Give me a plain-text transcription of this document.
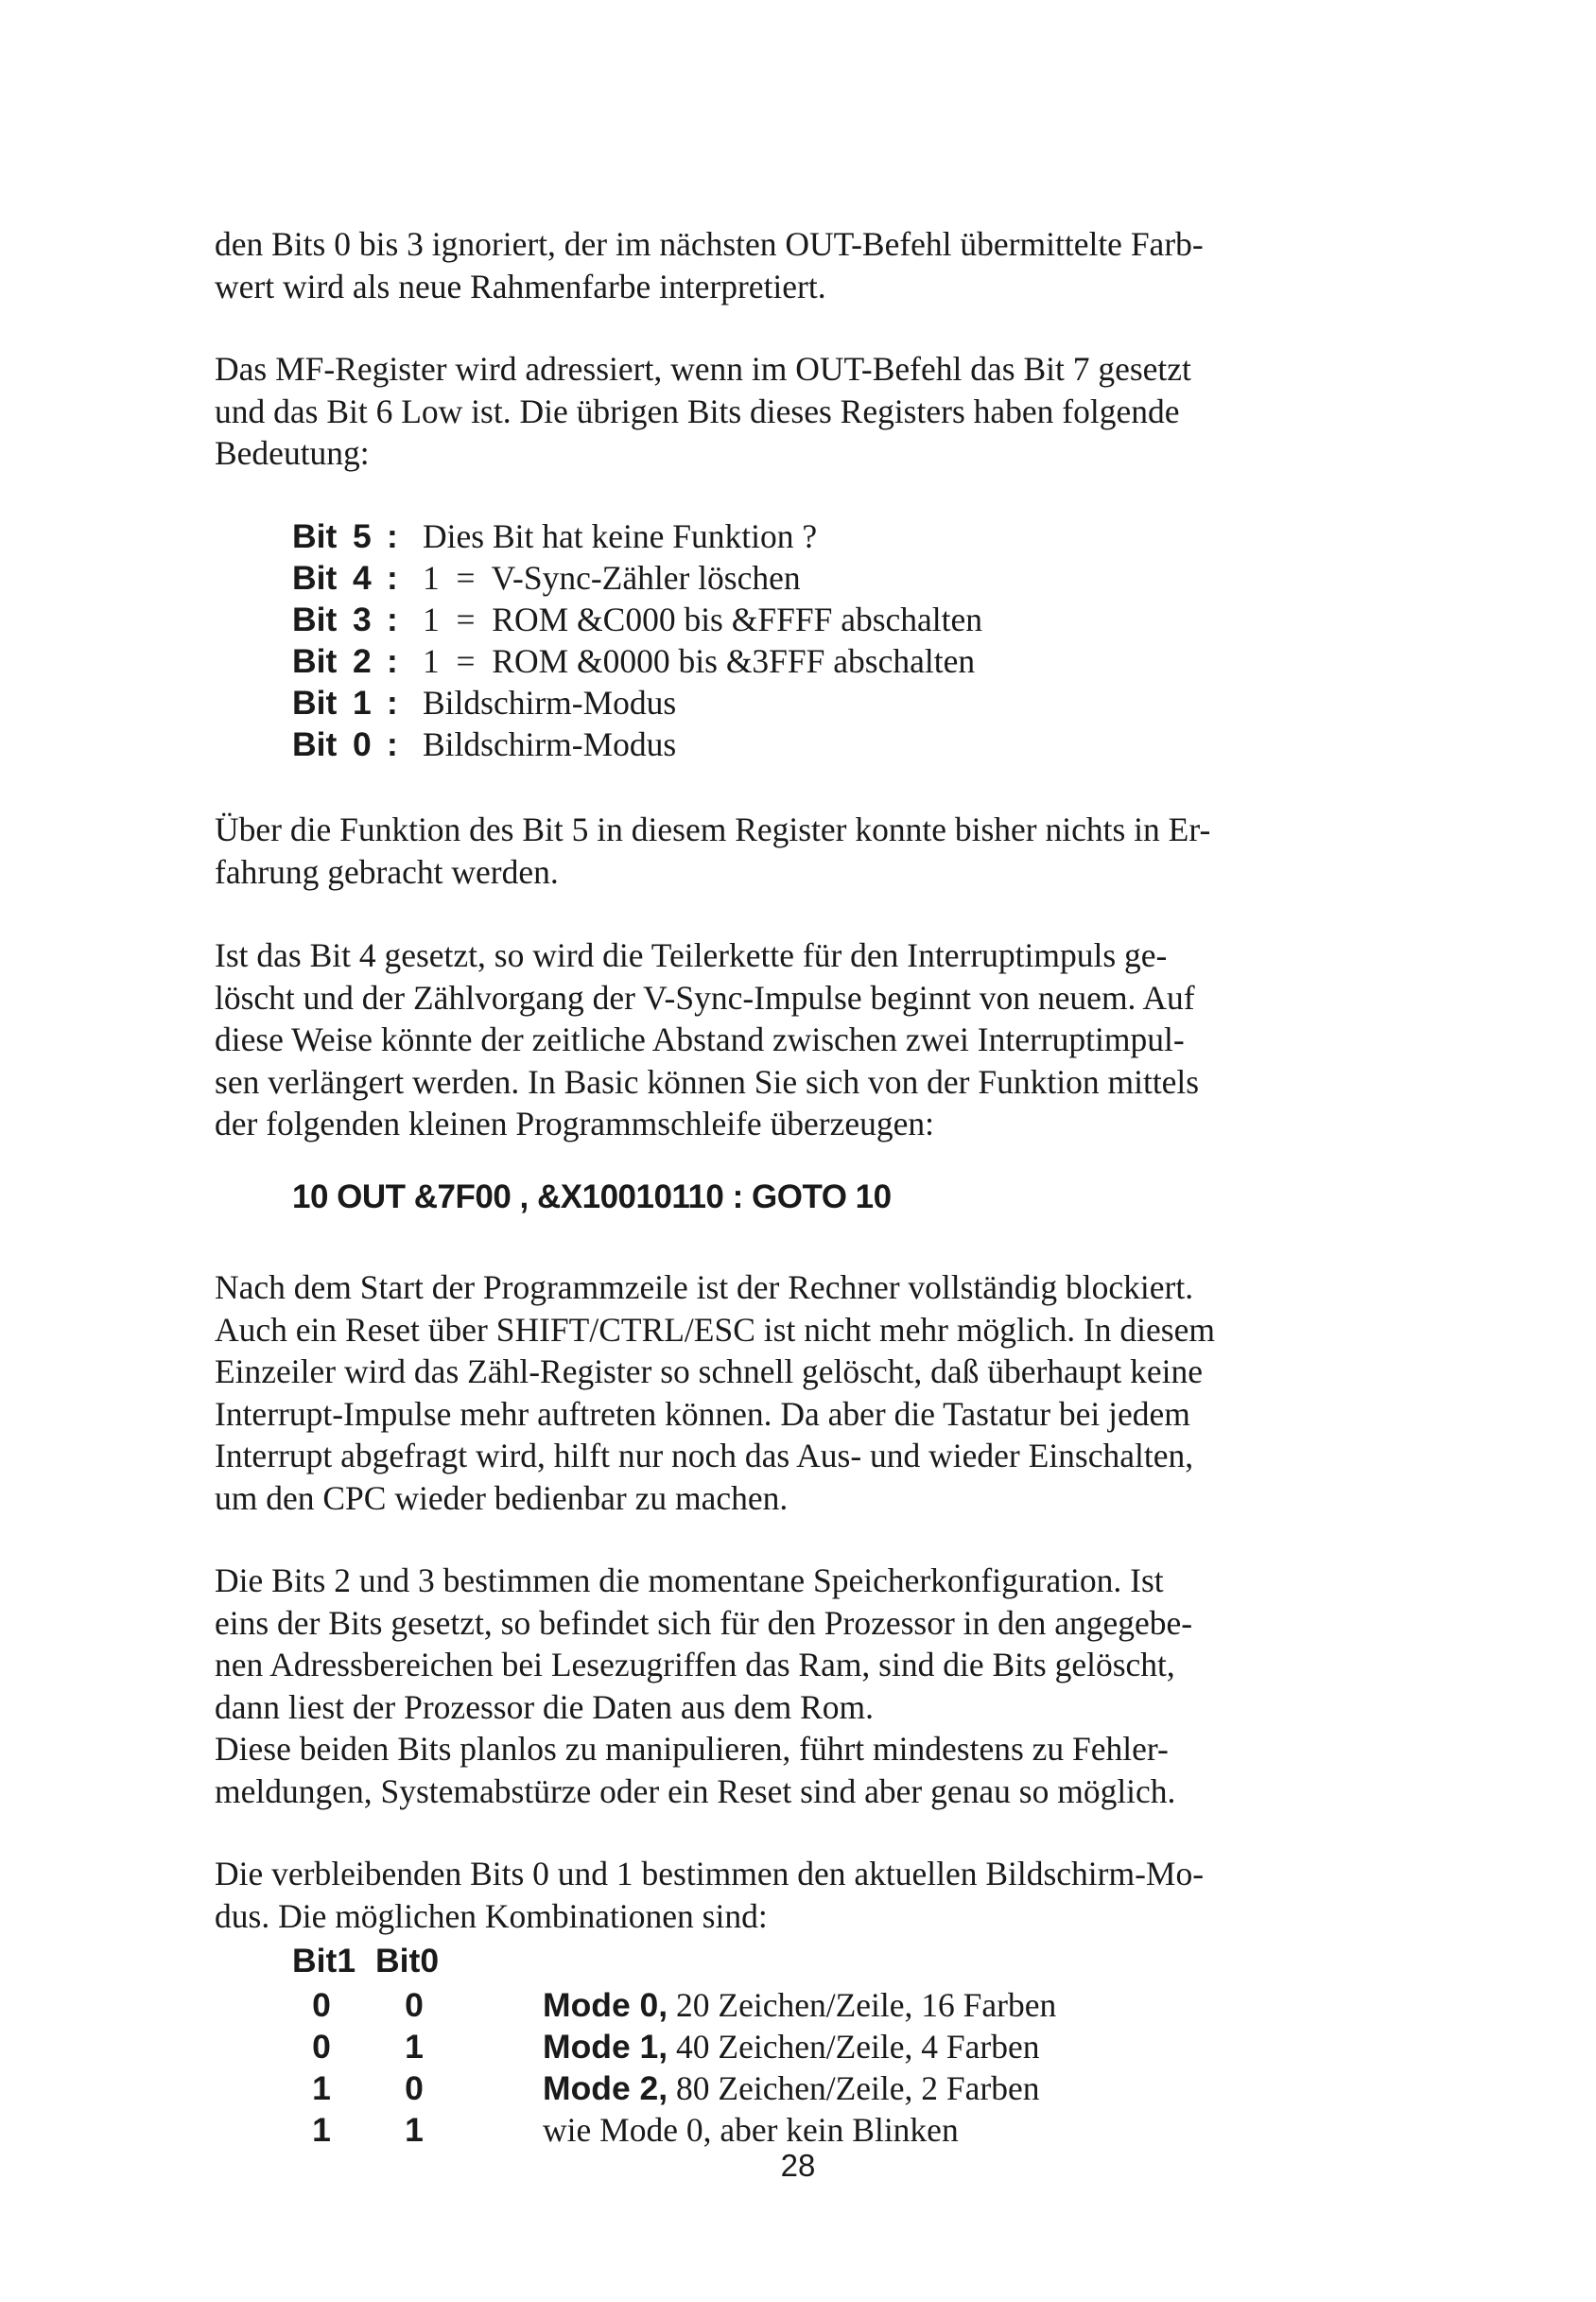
den Bits 0 bis 3 ignoriert, der im nächsten OUT-Befehl übermittelte Farb-
wert wird als neue Rahmenfarbe interpretiert.

Das MF-Register wird adressiert, wenn im OUT-Befehl das Bit 7 gesetzt
und das Bit 6 Low ist. Die übrigen Bits dieses Registers haben folgende
Bedeutung:

Bit 5 : Dies Bit hat keine Funktion ?
Bit 4 : 1  =  V-Sync-Zähler löschen
Bit 3 : 1  =  ROM &C000 bis &FFFF abschalten
Bit 2 : 1  =  ROM &0000 bis &3FFF abschalten
Bit 1 : Bildschirm-Modus
Bit 0 : Bildschirm-Modus

Über die Funktion des Bit 5 in diesem Register konnte bisher nichts in Er-
fahrung gebracht werden.

Ist das Bit 4 gesetzt, so wird die Teilerkette für den Interruptimpuls ge-
löscht und der Zählvorgang der V-Sync-Impulse beginnt von neuem. Auf
diese Weise könnte der zeitliche Abstand zwischen zwei Interruptimpul-
sen verlängert werden. In Basic können Sie sich von der Funktion mittels
der folgenden kleinen Programmschleife überzeugen:

10 OUT &7F00 , &X10010110 : GOTO 10

Nach dem Start der Programmzeile ist der Rechner vollständig blockiert.
Auch ein Reset über SHIFT/CTRL/ESC ist nicht mehr möglich. In diesem
Einzeiler wird das Zähl-Register so schnell gelöscht, daß überhaupt keine
Interrupt-Impulse mehr auftreten können. Da aber die Tastatur bei jedem
Interrupt abgefragt wird, hilft nur noch das Aus- und wieder Einschalten,
um den CPC wieder bedienbar zu machen.

Die Bits 2 und 3 bestimmen die momentane Speicherkonfiguration. Ist
eins der Bits gesetzt, so befindet sich für den Prozessor in den angegebe-
nen Adressbereichen bei Lesezugriffen das Ram, sind die Bits gelöscht,
dann liest der Prozessor die Daten aus dem Rom.
Diese beiden Bits planlos zu manipulieren, führt mindestens zu Fehler-
meldungen, Systemabstürze oder ein Reset sind aber genau so möglich.

Die verbleibenden Bits 0 und 1 bestimmen den aktuellen Bildschirm-Mo-
dus. Die möglichen Kombinationen sind:

Bit1 Bit0
0	0	Mode 0, 20 Zeichen/Zeile, 16 Farben
0	1	Mode 1, 40 Zeichen/Zeile, 4 Farben
1	0	Mode 2, 80 Zeichen/Zeile, 2 Farben
1	1	wie Mode 0, aber kein Blinken
28
